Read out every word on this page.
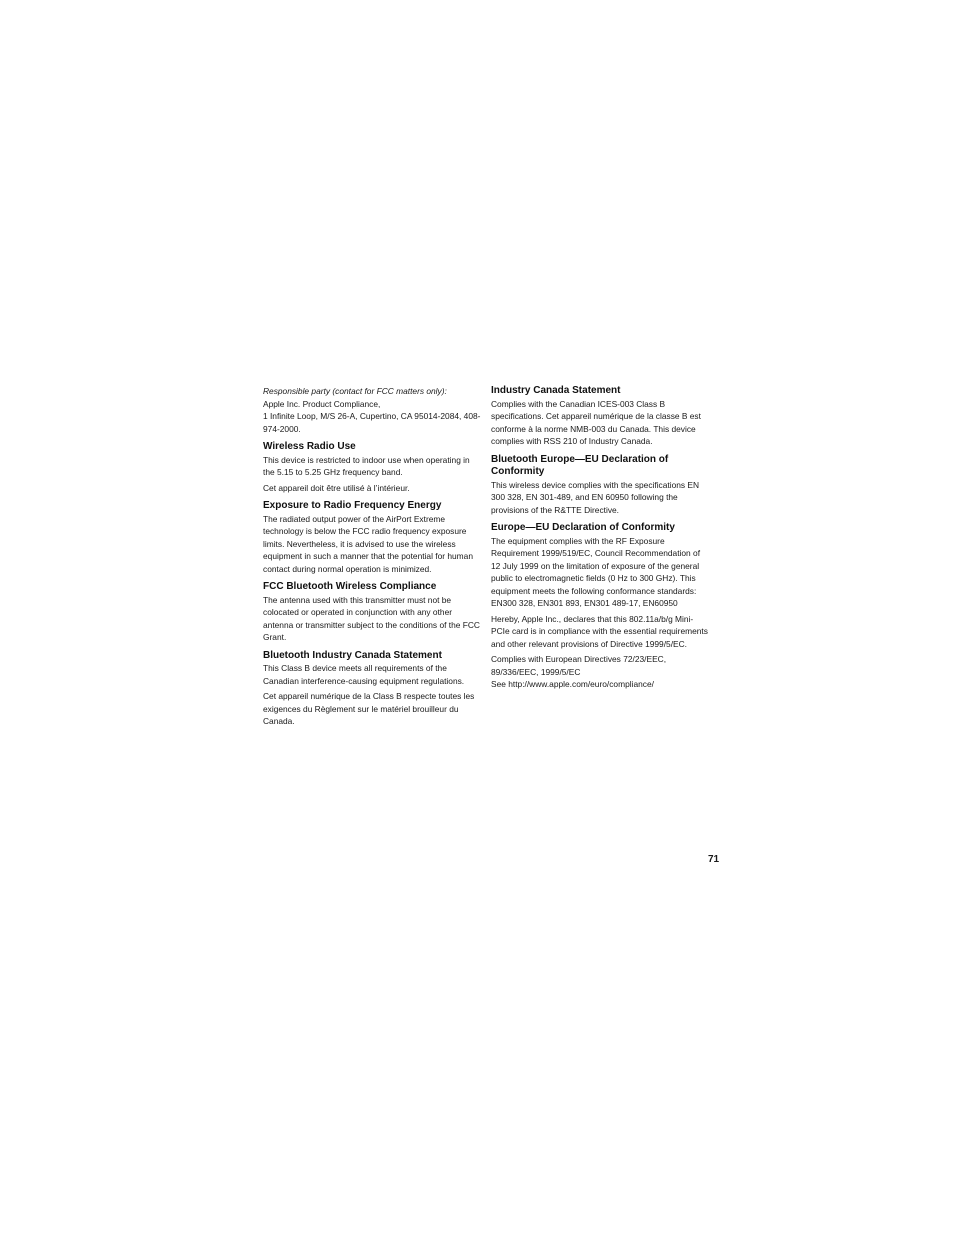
Responsible party (contact for FCC matters only):

Apple Inc. Product Compliance,

1 Infinite Loop, M/S 26-A, Cupertino, CA 95014-2084, 408-974-2000.

Wireless Radio Use

This device is restricted to indoor use when operating in the 5.15 to 5.25 GHz frequency band.

Cet appareil doit être utilisé à l’intérieur.

Exposure to Radio Frequency Energy

The radiated output power of the AirPort Extreme technology is below the FCC radio frequency exposure limits. Nevertheless, it is advised to use the wireless equipment in such a manner that the potential for human contact during normal operation is minimized.

FCC Bluetooth Wireless Compliance

The antenna used with this transmitter must not be colocated or operated in conjunction with any other antenna or transmitter subject to the conditions of the FCC Grant.

Bluetooth Industry Canada Statement

This Class B device meets all requirements of the Canadian interference-causing equipment regulations.

Cet appareil numérique de la Class B respecte toutes les exigences du Règlement sur le matériel brouilleur du Canada.

Industry Canada Statement

Complies with the Canadian ICES-003 Class B specifications. Cet appareil numérique de la classe B est conforme à la norme NMB-003 du Canada. This device complies with RSS 210 of Industry Canada.

Bluetooth Europe—EU Declaration of Conformity

This wireless device complies with the specifications EN 300 328, EN 301-489, and EN 60950 following the provisions of the R&TTE Directive.

Europe—EU Declaration of Conformity

The equipment complies with the RF Exposure Requirement 1999/519/EC, Council Recommendation of 12 July 1999 on the limitation of exposure of the general public to electromagnetic fields (0 Hz to 300 GHz). This equipment meets the following conformance standards: EN300 328, EN301 893, EN301 489-17, EN60950

Hereby, Apple Inc., declares that this 802.11a/b/g Mini-PCIe card is in compliance with the essential requirements and other relevant provisions of Directive 1999/5/EC.

Complies with European Directives 72/23/EEC, 89/336/EEC, 1999/5/EC

See http://www.apple.com/euro/compliance/

71
